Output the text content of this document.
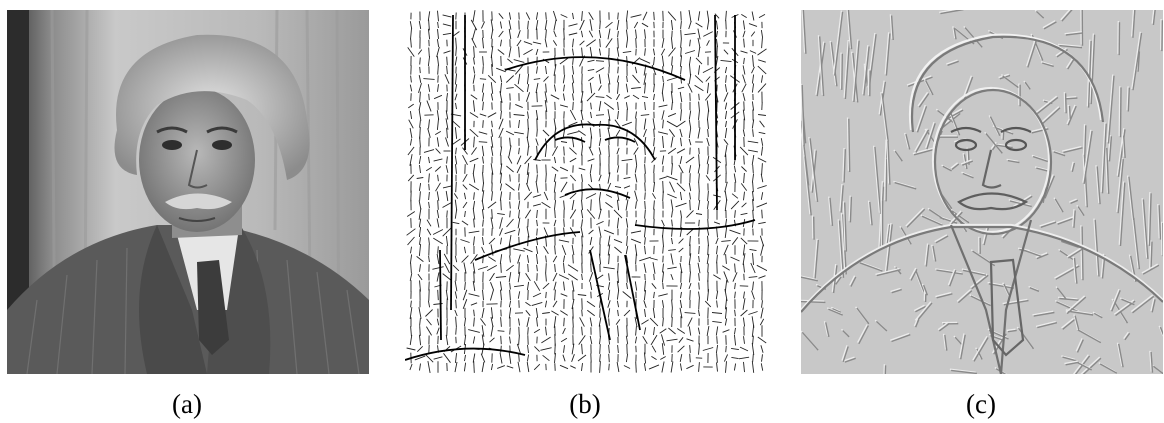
(a)	(b)	(c)
